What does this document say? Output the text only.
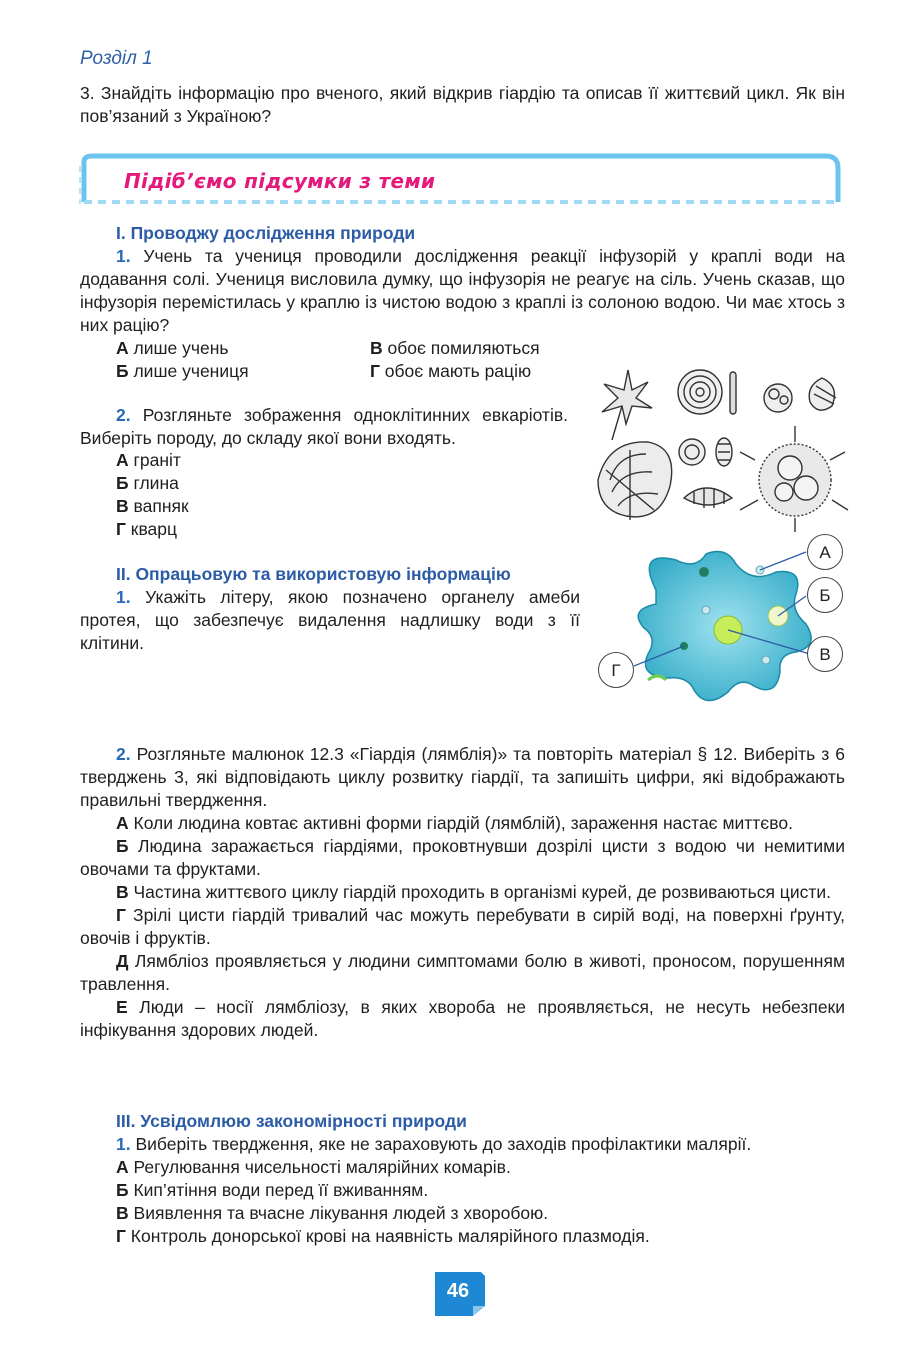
Розділ 1
3. Знайдіть інформацію про вченого, який відкрив гіардію та описав її життєвий цикл. Як він пов’язаний з Україною?
Підіб’ємо підсумки з теми
І. Проводжу дослідження природи
1. Учень та учениця проводили дослідження реакції інфузорій у краплі води на додавання солі. Учениця висловила думку, що інфузорія не реагує на сіль. Учень сказав, що інфузорія перемістилась у краплю із чистою водою з краплі із солоною водою. Чи має хтось з них рацію?
А лише учень	В обоє помиляються
Б лише учениця	Г обоє мають рацію
2. Розгляньте зображення одноклітинних евкаріотів. Виберіть породу, до складу якої вони входять.
А граніт
Б глина
В вапняк
Г кварц
ІІ. Опрацьовую та використовую інформацію
1. Укажіть літеру, якою позначено органелу амеби протея, що забезпечує видалення надлишку води з її клітини.
А
Б
В
Г
2. Розгляньте малюнок 12.3 «Гіардія (лямблія)» та повторіть матеріал § 12. Виберіть з 6 тверджень 3, які відповідають циклу розвитку гіардії, та запишіть цифри, які відображають правильні твердження.
А Коли людина ковтає активні форми гіардій (лямблій), зараження настає миттєво.
Б Людина заражається гіардіями, проковтнувши дозрілі цисти з водою чи немитими овочами та фруктами.
В Частина життєвого циклу гіардій проходить в організмі курей, де розвиваються цисти.
Г Зрілі цисти гіардій тривалий час можуть перебувати в сирій воді, на поверхні ґрунту, овочів і фруктів.
Д Лямбліоз проявляється у людини симптомами болю в животі, проносом, порушенням травлення.
Е Люди – носії лямбліозу, в яких хвороба не проявляється, не несуть небезпеки інфікування здорових людей.
ІІІ. Усвідомлюю закономірності природи
1. Виберіть твердження, яке не зараховують до заходів профілактики малярії.
А Регулювання чисельності малярійних комарів.
Б Кип’ятіння води перед її вживанням.
В Виявлення та вчасне лікування людей з хворобою.
Г Контроль донорської крові на наявність малярійного плазмодія.
46
